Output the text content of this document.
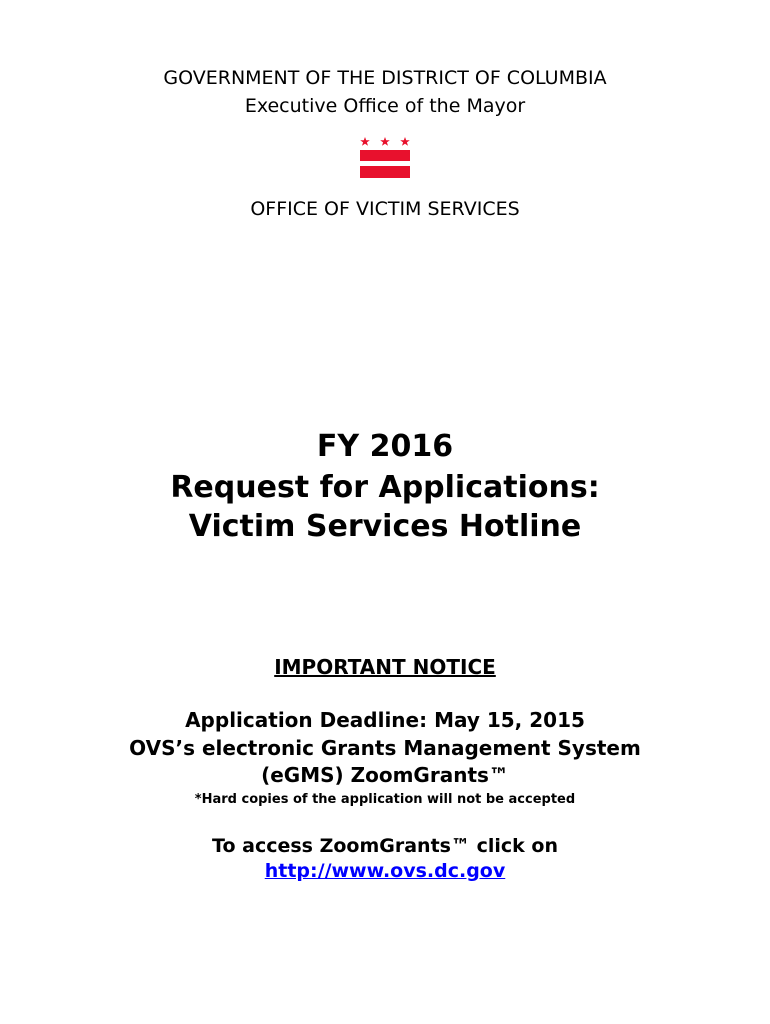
GOVERNMENT OF THE DISTRICT OF COLUMBIA
Executive Office of the Mayor
OFFICE OF VICTIM SERVICES
FY 2016
Request for Applications:
Victim Services Hotline
IMPORTANT NOTICE
Application Deadline: May 15, 2015
OVS’s electronic Grants Management System
(eGMS) ZoomGrants™
*Hard copies of the application will not be accepted
To access ZoomGrants™ click on
http://www.ovs.dc.gov
